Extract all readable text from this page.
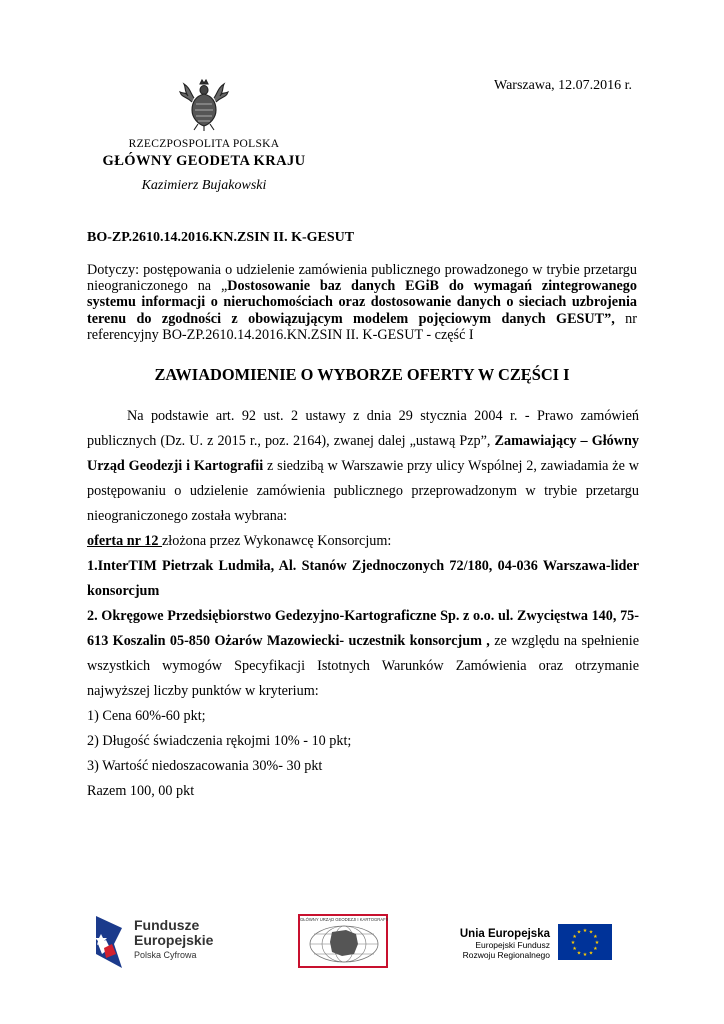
Warszawa, 12.07.2016 r.
RZECZPOSPOLITA POLSKA
GŁÓWNY GEODETA KRAJU
Kazimierz Bujakowski
BO-ZP.2610.14.2016.KN.ZSIN II. K-GESUT
Dotyczy: postępowania o udzielenie zamówienia publicznego prowadzonego w trybie przetargu nieograniczonego na „Dostosowanie baz danych EGiB do wymagań zintegrowanego systemu informacji o nieruchomościach oraz dostosowanie danych o sieciach uzbrojenia terenu do zgodności z obowiązującym modelem pojęciowym danych GESUT”, nr referencyjny BO-ZP.2610.14.2016.KN.ZSIN II. K-GESUT - część I
ZAWIADOMIENIE O WYBORZE OFERTY W CZĘŚCI I

Na podstawie art. 92 ust. 2 ustawy z dnia 29 stycznia 2004 r. - Prawo zamówień publicznych (Dz. U. z 2015 r., poz. 2164), zwanej dalej „ustawą Pzp”, Zamawiający – Główny Urząd Geodezji i Kartografii z siedzibą w Warszawie przy ulicy Wspólnej 2, zawiadamia że w postępowaniu o udzielenie zamówienia publicznego przeprowadzonym w trybie przetargu nieograniczonego została wybrana:

oferta nr 12 złożona przez Wykonawcę Konsorcjum:

1.InterTIM Pietrzak Ludmiła, Al. Stanów Zjednoczonych 72/180, 04-036 Warszawa-lider konsorcjum

2. Okręgowe Przedsiębiorstwo Gedezyjno-Kartograficzne Sp. z o.o. ul. Zwycięstwa 140, 75-613 Koszalin 05-850 Ożarów Mazowiecki- uczestnik konsorcjum , ze względu na spełnienie wszystkich wymogów Specyfikacji Istotnych Warunków Zamówienia oraz otrzymanie najwyższej liczby punktów w kryterium:

1) Cena 60%-60 pkt;

2) Długość świadczenia rękojmi 10% - 10 pkt;

3) Wartość niedoszacowania 30%- 30 pkt

Razem 100, 00 pkt

Fundusze
Europejskie
Polska Cyfrowa
GŁÓWNY URZĄD GEODEZJI I KARTOGRAFII
Unia Europejska
Europejski Fundusz
Rozwoju Regionalnego
★ ★
★
★
★
★
★
★
★
★
★
★
